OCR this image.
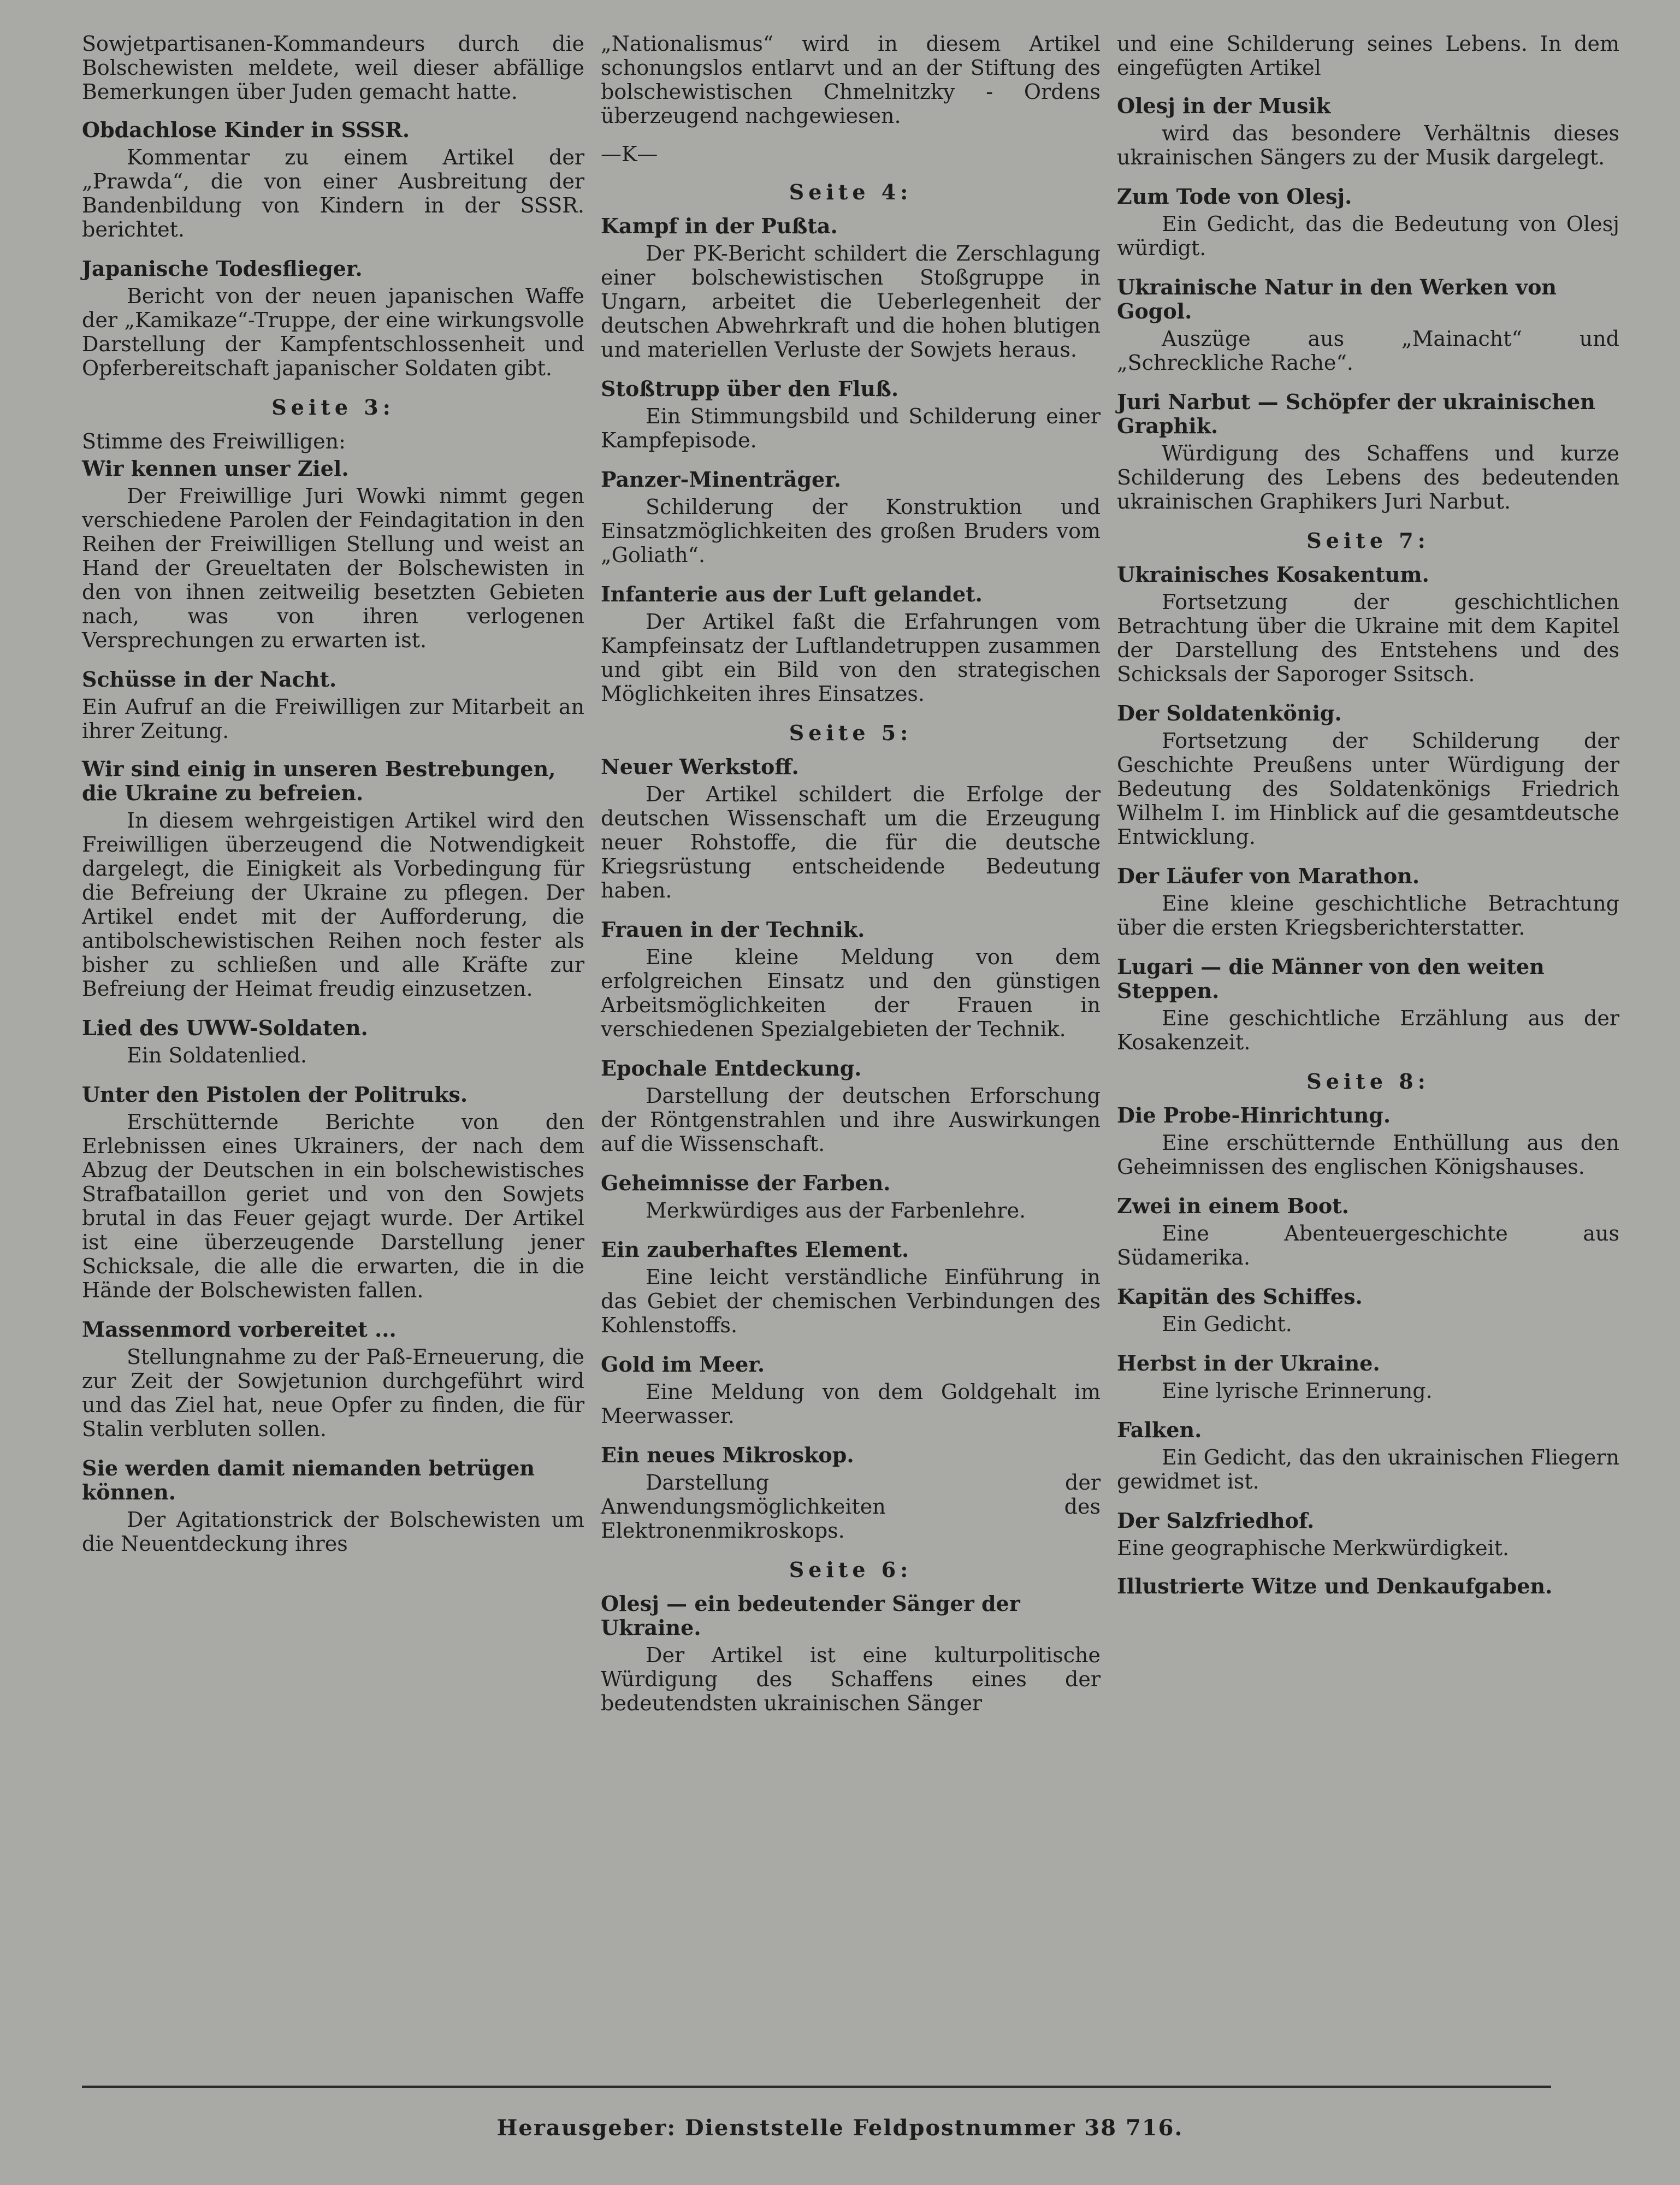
Sowjetpartisanen-Kommandeurs durch die Bolschewisten meldete, weil dieser abfällige Bemerkungen über Juden gemacht hatte.
Obdachlose Kinder in SSSR.
Kommentar zu einem Artikel der „Prawda“, die von einer Ausbreitung der Bandenbildung von Kindern in der SSSR. berichtet.
Japanische Todesflieger.
Bericht von der neuen japanischen Waffe der „Kamikaze“-Truppe, der eine wirkungsvolle Darstellung der Kampfentschlossenheit und Opferbereitschaft japanischer Soldaten gibt.
Seite 3:
Stimme des Freiwilligen:
Wir kennen unser Ziel.
Der Freiwillige Juri Wowki nimmt gegen verschiedene Parolen der Feindagitation in den Reihen der Freiwilligen Stellung und weist an Hand der Greueltaten der Bolschewisten in den von ihnen zeitweilig besetzten Gebieten nach, was von ihren verlogenen Versprechungen zu erwarten ist.
Schüsse in der Nacht.
Ein Aufruf an die Freiwilligen zur Mitarbeit an ihrer Zeitung.
Wir sind einig in unseren Bestrebungen, die Ukraine zu befreien.
In diesem wehrgeistigen Artikel wird den Freiwilligen überzeugend die Notwendigkeit dargelegt, die Einigkeit als Vorbedingung für die Befreiung der Ukraine zu pflegen. Der Artikel endet mit der Aufforderung, die antibolschewistischen Reihen noch fester als bisher zu schließen und alle Kräfte zur Befreiung der Heimat freudig einzusetzen.
Lied des UWW-Soldaten.
Ein Soldatenlied.
Unter den Pistolen der Politruks.
Erschütternde Berichte von den Erlebnissen eines Ukrainers, der nach dem Abzug der Deutschen in ein bolschewistisches Strafbataillon geriet und von den Sowjets brutal in das Feuer gejagt wurde. Der Artikel ist eine überzeugende Darstellung jener Schicksale, die alle die erwarten, die in die Hände der Bolschewisten fallen.
Massenmord vorbereitet ...
Stellungnahme zu der Paß-Erneuerung, die zur Zeit der Sowjetunion durchgeführt wird und das Ziel hat, neue Opfer zu finden, die für Stalin verbluten sollen.
Sie werden damit niemanden betrügen können.
Der Agitationstrick der Bolschewisten um die Neuentdeckung ihres
„Nationalismus“ wird in diesem Artikel schonungslos entlarvt und an der Stiftung des bolschewistischen Chmelnitzky - Ordens überzeugend nachgewiesen.
—K—
Seite 4:
Kampf in der Pußta.
Der PK-Bericht schildert die Zerschlagung einer bolschewistischen Stoßgruppe in Ungarn, arbeitet die Ueberlegenheit der deutschen Abwehrkraft und die hohen blutigen und materiellen Verluste der Sowjets heraus.
Stoßtrupp über den Fluß.
Ein Stimmungsbild und Schilderung einer Kampfepisode.
Panzer-Minenträger.
Schilderung der Konstruktion und Einsatzmöglichkeiten des großen Bruders vom „Goliath“.
Infanterie aus der Luft gelandet.
Der Artikel faßt die Erfahrungen vom Kampfeinsatz der Luftlandetruppen zusammen und gibt ein Bild von den strategischen Möglichkeiten ihres Einsatzes.
Seite 5:
Neuer Werkstoff.
Der Artikel schildert die Erfolge der deutschen Wissenschaft um die Erzeugung neuer Rohstoffe, die für die deutsche Kriegsrüstung entscheidende Bedeutung haben.
Frauen in der Technik.
Eine kleine Meldung von dem erfolgreichen Einsatz und den günstigen Arbeitsmöglichkeiten der Frauen in verschiedenen Spezialgebieten der Technik.
Epochale Entdeckung.
Darstellung der deutschen Erforschung der Röntgenstrahlen und ihre Auswirkungen auf die Wissenschaft.
Geheimnisse der Farben.
Merkwürdiges aus der Farbenlehre.
Ein zauberhaftes Element.
Eine leicht verständliche Einführung in das Gebiet der chemischen Verbindungen des Kohlenstoffs.
Gold im Meer.
Eine Meldung von dem Goldgehalt im Meerwasser.
Ein neues Mikroskop.
Darstellung der Anwendungsmöglichkeiten des Elektronenmikroskops.
Seite 6:
Olesj — ein bedeutender Sänger der Ukraine.
Der Artikel ist eine kulturpolitische Würdigung des Schaffens eines der bedeutendsten ukrainischen Sänger
und eine Schilderung seines Lebens. In dem eingefügten Artikel
Olesj in der Musik
wird das besondere Verhältnis dieses ukrainischen Sängers zu der Musik dargelegt.
Zum Tode von Olesj.
Ein Gedicht, das die Bedeutung von Olesj würdigt.
Ukrainische Natur in den Werken von Gogol.
Auszüge aus „Mainacht“ und „Schreckliche Rache“.
Juri Narbut — Schöpfer der ukrainischen Graphik.
Würdigung des Schaffens und kurze Schilderung des Lebens des bedeutenden ukrainischen Graphikers Juri Narbut.
Seite 7:
Ukrainisches Kosakentum.
Fortsetzung der geschichtlichen Betrachtung über die Ukraine mit dem Kapitel der Darstellung des Entstehens und des Schicksals der Saporoger Ssitsch.
Der Soldatenkönig.
Fortsetzung der Schilderung der Geschichte Preußens unter Würdigung der Bedeutung des Soldatenkönigs Friedrich Wilhelm I. im Hinblick auf die gesamtdeutsche Entwicklung.
Der Läufer von Marathon.
Eine kleine geschichtliche Betrachtung über die ersten Kriegsberichterstatter.
Lugari — die Männer von den weiten Steppen.
Eine geschichtliche Erzählung aus der Kosakenzeit.
Seite 8:
Die Probe-Hinrichtung.
Eine erschütternde Enthüllung aus den Geheimnissen des englischen Königshauses.
Zwei in einem Boot.
Eine Abenteuergeschichte aus Südamerika.
Kapitän des Schiffes.
Ein Gedicht.
Herbst in der Ukraine.
Eine lyrische Erinnerung.
Falken.
Ein Gedicht, das den ukrainischen Fliegern gewidmet ist.
Der Salzfriedhof.
Eine geographische Merkwürdigkeit.
Illustrierte Witze und Denkaufgaben.
Herausgeber: Dienststelle Feldpostnummer 38 716.
